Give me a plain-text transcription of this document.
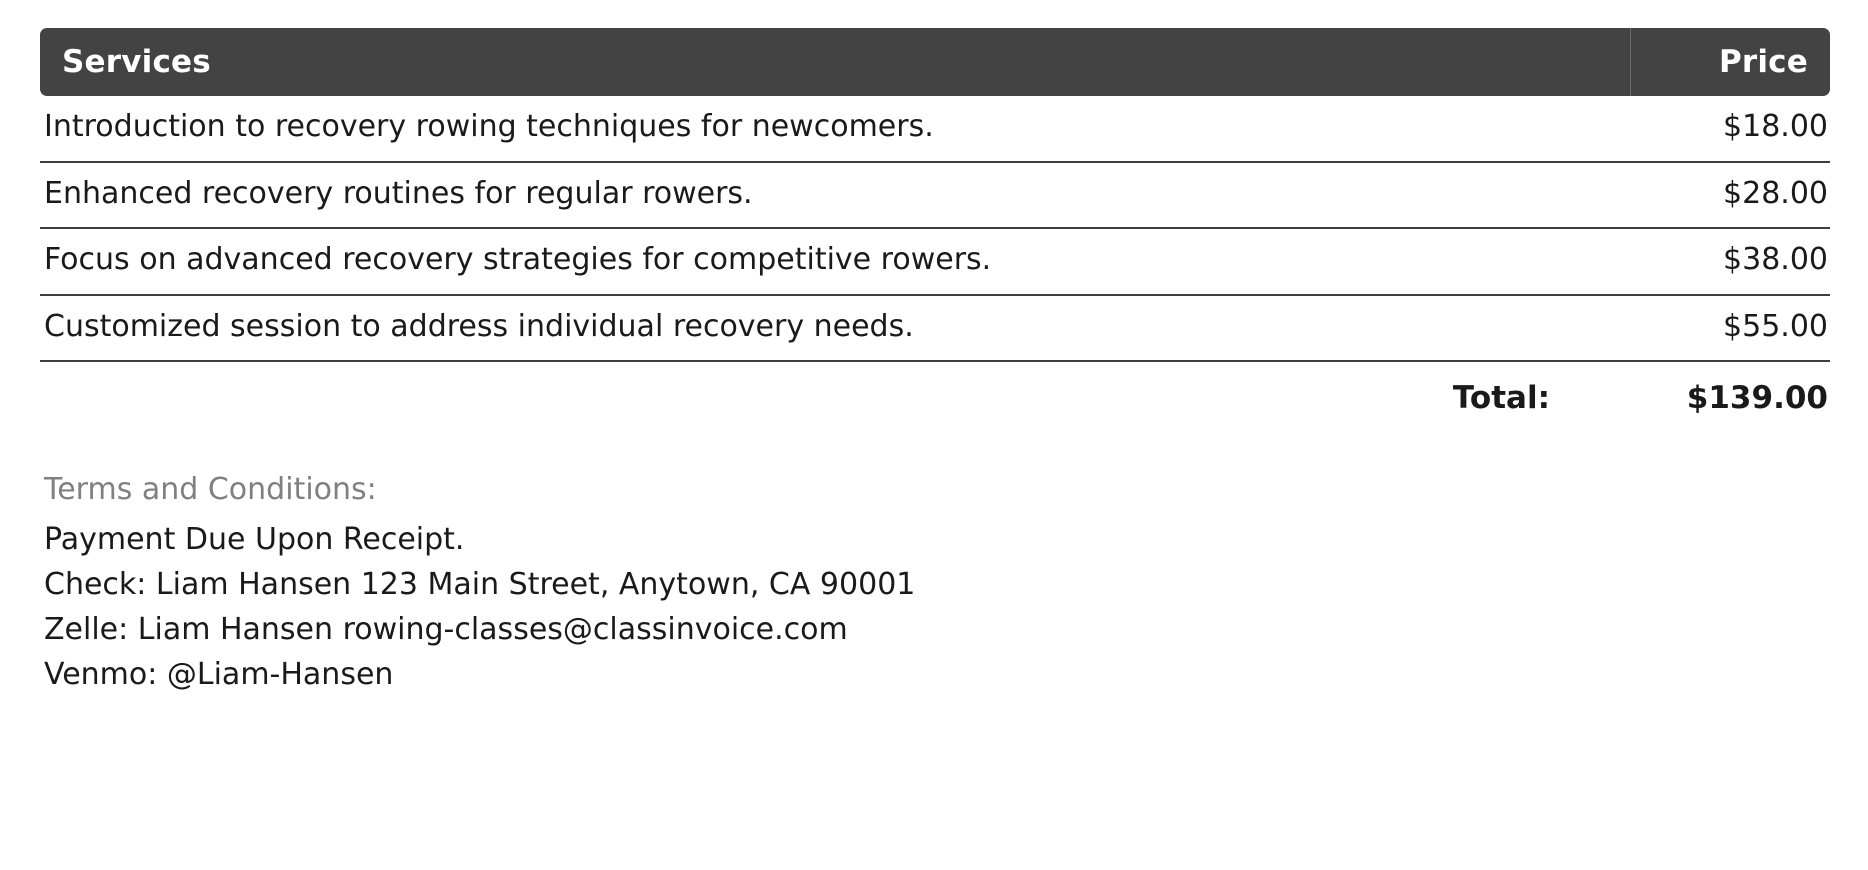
Services	Price
Introduction to recovery rowing techniques for newcomers.	$18.00
Enhanced recovery routines for regular rowers.	$28.00
Focus on advanced recovery strategies for competitive rowers.	$38.00
Customized session to address individual recovery needs.	$55.00
Total:	$139.00
Terms and Conditions:
Payment Due Upon Receipt.
Check: Liam Hansen 123 Main Street, Anytown, CA 90001
Zelle: Liam Hansen rowing-classes@classinvoice.com
Venmo: @Liam-Hansen
